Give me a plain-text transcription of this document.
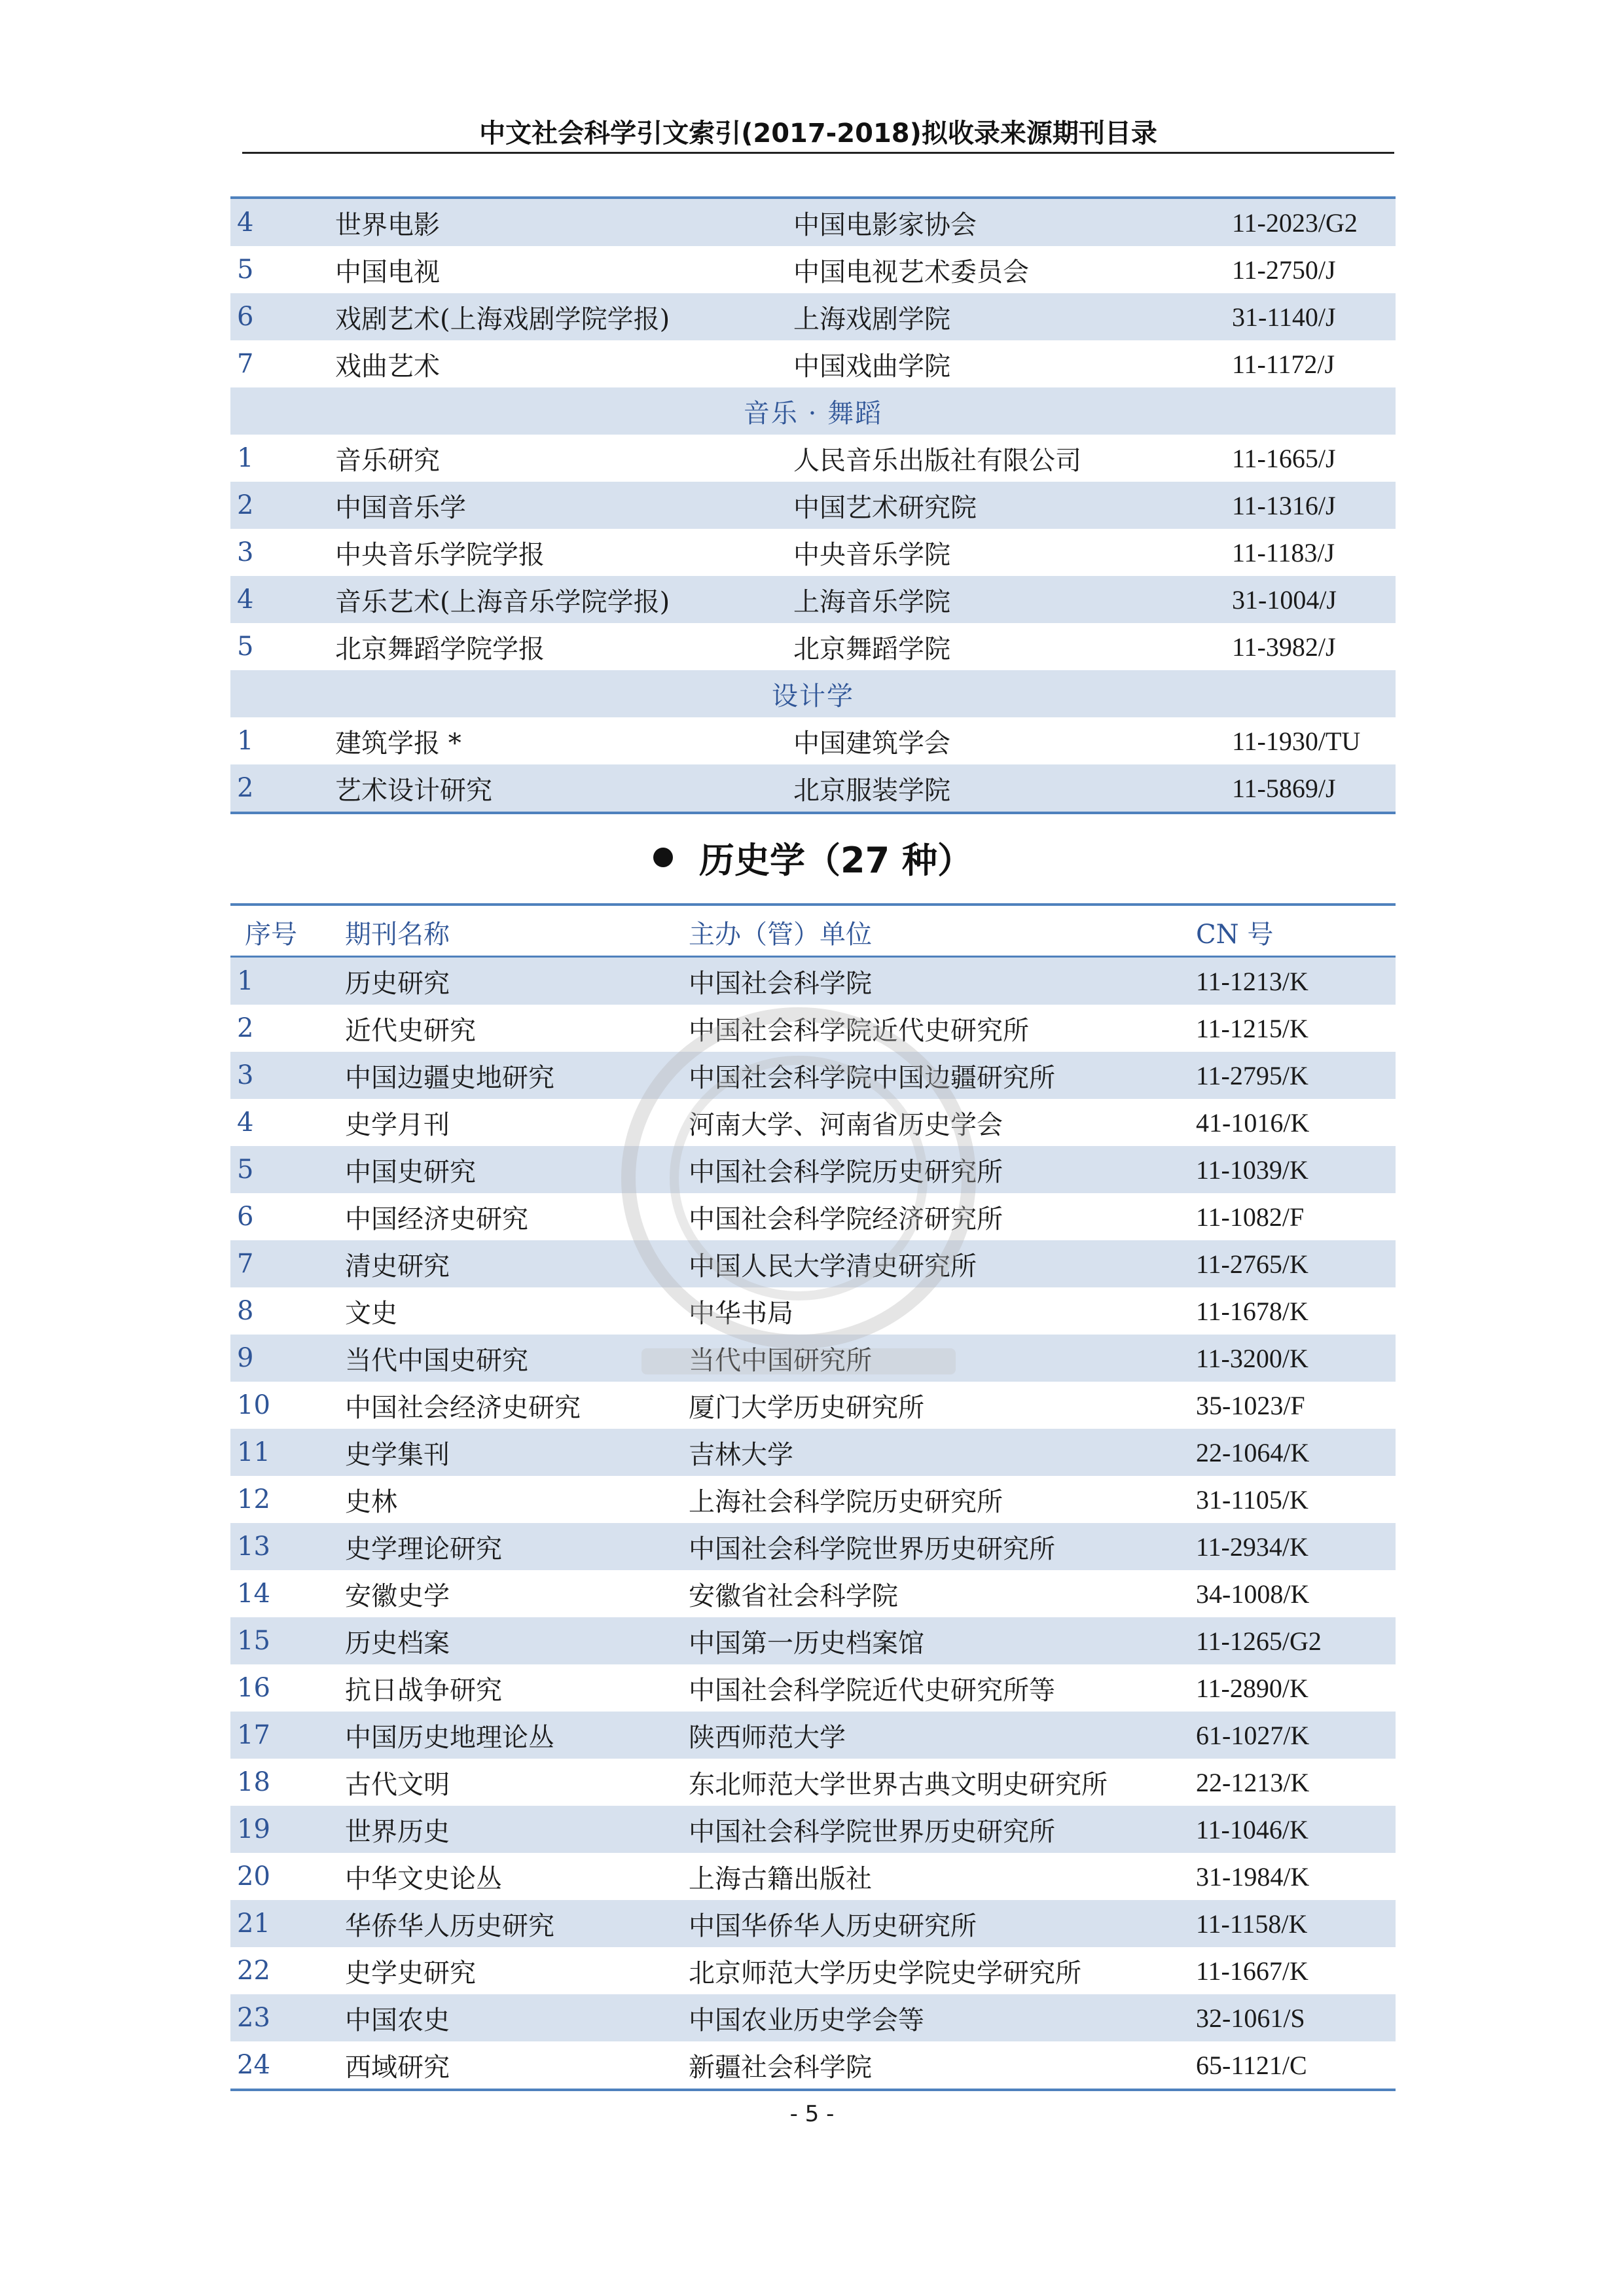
中文社会科学引文索引(2017-2018)拟收录来源期刊目录
4	世界电影	中国电影家协会	11-2023/G2
5	中国电视	中国电视艺术委员会	11-2750/J
6	戏剧艺术(上海戏剧学院学报)	上海戏剧学院	31-1140/J
7	戏曲艺术	中国戏曲学院	11-1172/J
音乐 · 舞蹈			
1	音乐研究	人民音乐出版社有限公司	11-1665/J
2	中国音乐学	中国艺术研究院	11-1316/J
3	中央音乐学院学报	中央音乐学院	11-1183/J
4	音乐艺术(上海音乐学院学报)	上海音乐学院	31-1004/J
5	北京舞蹈学院学报	北京舞蹈学院	11-3982/J
设计学			
1	建筑学报 *	中国建筑学会	11-1930/TU
2	艺术设计研究	北京服装学院	11-5869/J
历史学（27 种）
序号	期刊名称	主办（管）单位	CN 号
1	历史研究	中国社会科学院	11-1213/K
2	近代史研究	中国社会科学院近代史研究所	11-1215/K
3	中国边疆史地研究	中国社会科学院中国边疆研究所	11-2795/K
4	史学月刊	河南大学、河南省历史学会	41-1016/K
5	中国史研究	中国社会科学院历史研究所	11-1039/K
6	中国经济史研究	中国社会科学院经济研究所	11-1082/F
7	清史研究	中国人民大学清史研究所	11-2765/K
8	文史	中华书局	11-1678/K
9	当代中国史研究	当代中国研究所	11-3200/K
10	中国社会经济史研究	厦门大学历史研究所	35-1023/F
11	史学集刊	吉林大学	22-1064/K
12	史林	上海社会科学院历史研究所	31-1105/K
13	史学理论研究	中国社会科学院世界历史研究所	11-2934/K
14	安徽史学	安徽省社会科学院	34-1008/K
15	历史档案	中国第一历史档案馆	11-1265/G2
16	抗日战争研究	中国社会科学院近代史研究所等	11-2890/K
17	中国历史地理论丛	陕西师范大学	61-1027/K
18	古代文明	东北师范大学世界古典文明史研究所	22-1213/K
19	世界历史	中国社会科学院世界历史研究所	11-1046/K
20	中华文史论丛	上海古籍出版社	31-1984/K
21	华侨华人历史研究	中国华侨华人历史研究所	11-1158/K
22	史学史研究	北京师范大学历史学院史学研究所	11-1667/K
23	中国农史	中国农业历史学会等	32-1061/S
24	西域研究	新疆社会科学院	65-1121/C
- 5 -
